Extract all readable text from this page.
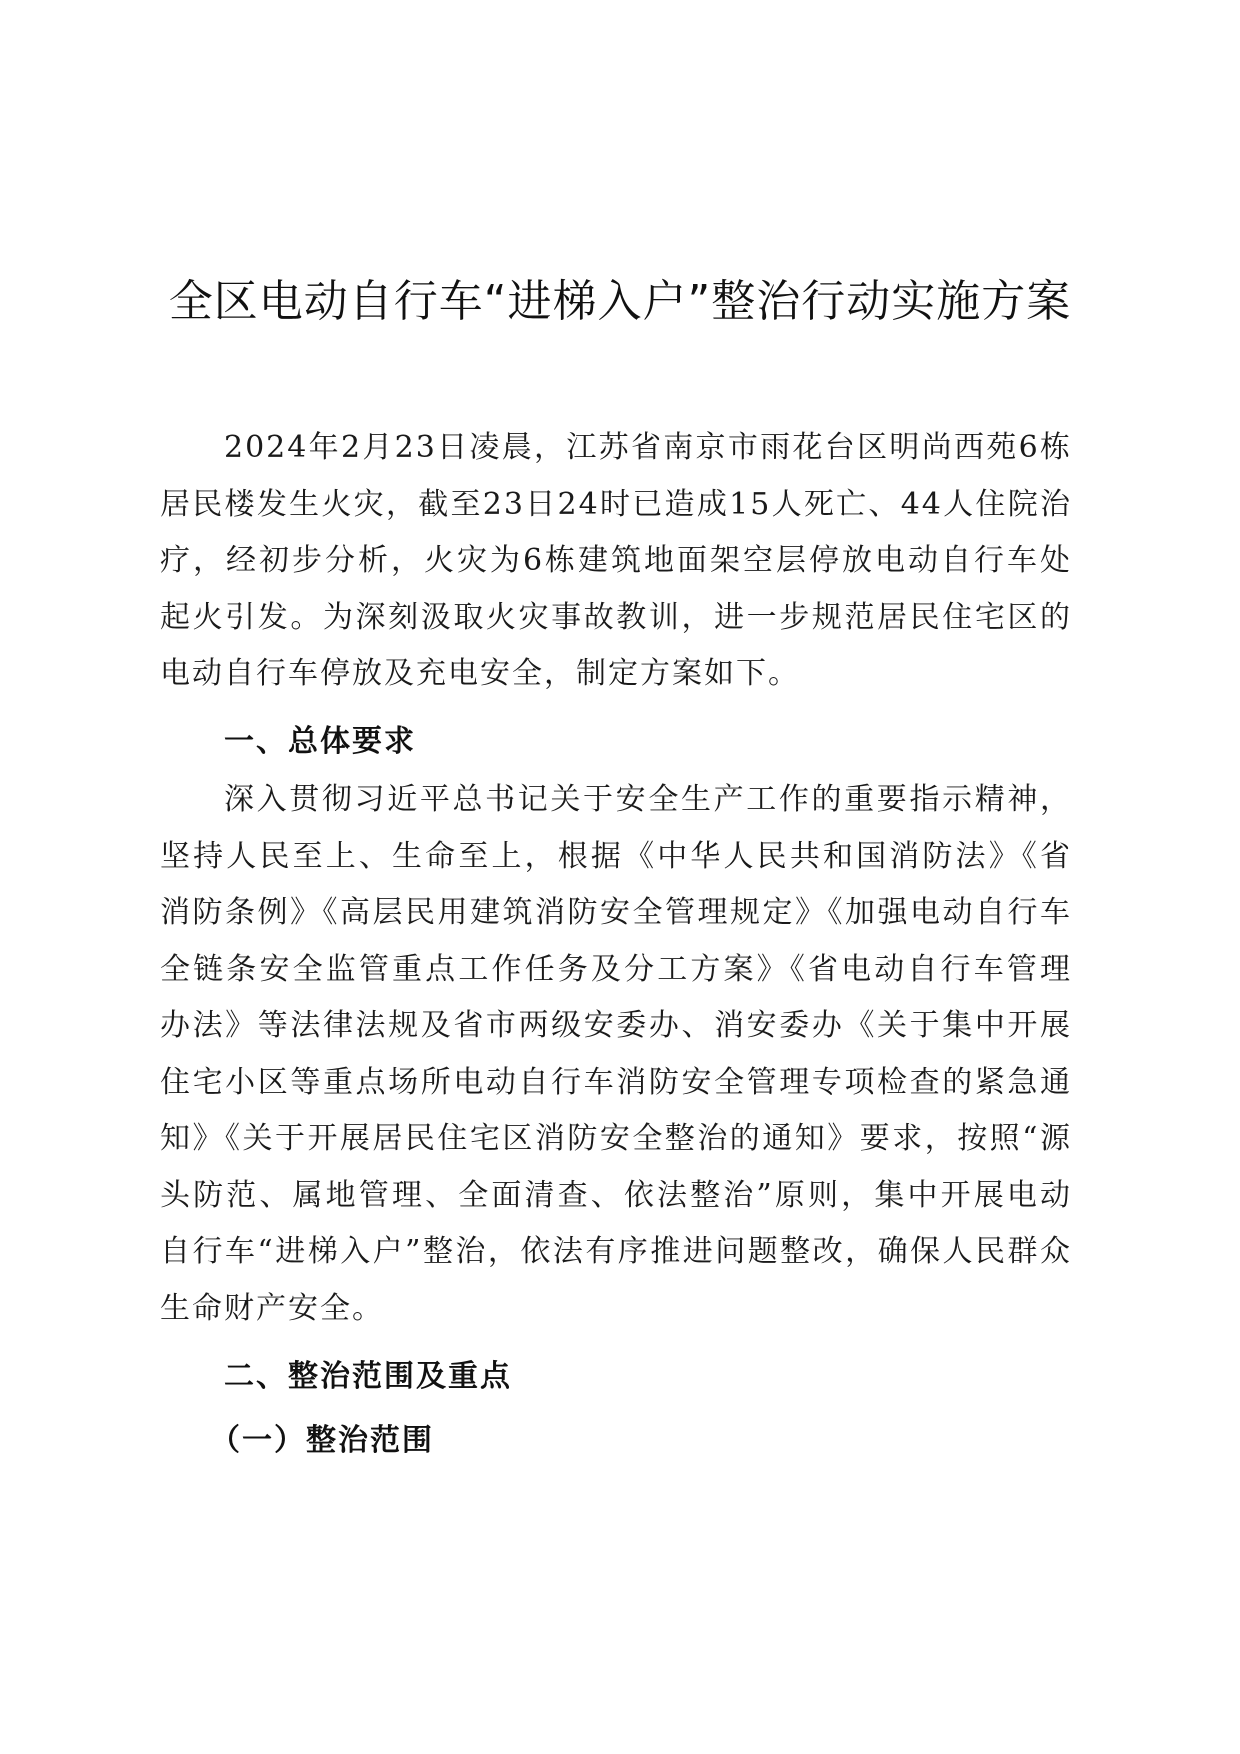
全区电动自行车“进梯入户”整治行动实施方案

2024年2月23日凌晨，江苏省南京市雨花台区明尚西苑6栋居民楼发生火灾，截至23日24时已造成15人死亡、44人住院治疗，经初步分析，火灾为6栋建筑地面架空层停放电动自行车处起火引发。为深刻汲取火灾事故教训，进一步规范居民住宅区的电动自行车停放及充电安全，制定方案如下。

一、总体要求

深入贯彻习近平总书记关于安全生产工作的重要指示精神，坚持人民至上、生命至上，根据《中华人民共和国消防法》《省消防条例》《高层民用建筑消防安全管理规定》《加强电动自行车全链条安全监管重点工作任务及分工方案》《省电动自行车管理办法》等法律法规及省市两级安委办、消安委办《关于集中开展住宅小区等重点场所电动自行车消防安全管理专项检查的紧急通知》《关于开展居民住宅区消防安全整治的通知》要求，按照“源头防范、属地管理、全面清查、依法整治”原则，集中开展电动自行车“进梯入户”整治，依法有序推进问题整改，确保人民群众生命财产安全。

二、整治范围及重点
（一）整治范围
